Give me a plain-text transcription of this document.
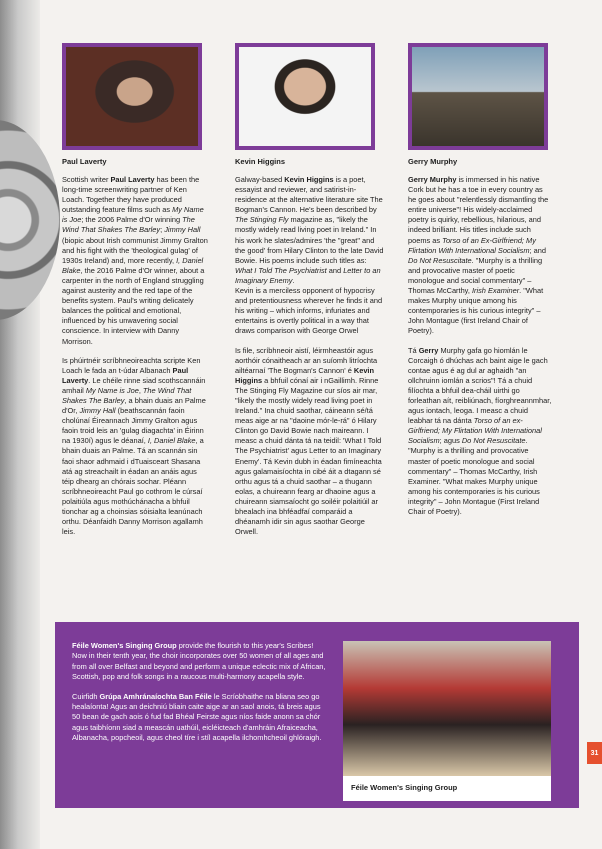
Paul Laverty	Kevin Higgins	Gerry Murphy

Scottish writer Paul Laverty has been the long-time screenwriting partner of Ken Loach. Together they have produced outstanding feature films such as My Name is Joe; the 2006 Palme d'Or winning The Wind That Shakes The Barley; Jimmy Hall (biopic about Irish communist Jimmy Gralton and his fight with the 'theological gulag' of 1930s Ireland) and, more recently, I, Daniel Blake, the 2016 Palme d'Or winner, about a carpenter in the north of England struggling against austerity and the red tape of the benefits system. Paul's writing delicately balances the political and emotional, influenced by his unwavering social conscience. In interview with Danny Morrison.

Is phúirtnéir scríbhneoireachta scripte Ken Loach le fada an t-údar Albanach Paul Laverty. Le chéile rinne siad scothscannáin amhail My Name is Joe, The Wind That Shakes The Barley, a bhain duais an Palme d'Or, Jimmy Hall (beathscannán faoin cholúnaí Éireannach Jimmy Gralton agus faoin troid leis an 'gulag diagachta' in Éirinn na 1930í) agus le déanaí, I, Daniel Blake, a bhain duais an Palme. Tá an scannán sin faoi shaor adhmaid i dTuaisceart Shasana atá ag streachailt in éadan an anáis agus téip dhearg an chórais sochar. Pléann scríbhneoireacht Paul go cothrom le cúrsaí polaitiúla agus mothúchánacha a bhfuil tionchar ag a choinsias sóisialta leanúnach orthu. Déanfaidh Danny Morrison agallamh leis.

Galway-based Kevin Higgins is a poet, essayist and reviewer, and satirist-in-residence at the alternative literature site The Bogman's Cannon. He's been described by The Stinging Fly magazine as, "likely the mostly widely read living poet in Ireland." In his work he slates/admires 'the "great" and the good' from Hilary Clinton to the late David Bowie. His poems include such titles as: What I Told The Psychiatrist and Letter to an Imaginary Enemy.
Kevin is a merciless opponent of hypocrisy and pretentiousness wherever he finds it and his writing – which informs, infuriates and entertains is overtly political in a way that draws comparison with George Orwel

Is file, scríbhneoir aistí, léirmheastóir agus aorthóir cónaitheach ar an suíomh litríochta ailtéarnaí 'The Bogman's Cannon' é Kevin Higgins a bhfuil cónaí air i nGaillimh. Rinne The Stinging Fly Magazine cur síos air mar, "likely the mostly widely read living poet in Ireland." Ina chuid saothar, cáineann sé/tá meas aige ar na "daoine mór-le-rá" ó Hilary Clinton go David Bowie nach maireann. I measc a chuid dánta tá na teidil: 'What I Told The Psychiatrist' agus Letter to an Imaginary Enemy'. Tá Kevin dubh in éadan fimíneachta agus galamaisíochta in cibé áit a dtagann sé orthu agus tá a chuid saothar – a thugann eolas, a chuireann fearg ar dhaoine agus a chuireann siamsaíocht go soiléir polaitiúil ar bhealach ina bhféadfaí comparáid a dhéanamh idir sin agus saothar George Orwell.

Gerry Murphy is immersed in his native Cork but he has a toe in every country as he goes about "relentlessly dismantling the entire universe"! His widely-acclaimed poetry is quirky, rebellious, hilarious, and indeed brilliant. His titles include such poems as Torso of an Ex-Girlfriend; My Flirtation With International Socialism; and Do Not Resuscitate. "Murphy is a thrilling and provocative master of poetic monologue and social commentary" – Thomas McCarthy, Irish Examiner. "What makes Murphy unique among his contemporaries is his curious integrity" – John Montague (first Ireland Chair of Poetry).

Tá Gerry Murphy gafa go hiomlán le Corcaigh ó dhúchas ach baint aige le gach contae agus é ag dul ar aghaidh "an ollchruinn iomlán a scrios"! Tá a chuid filíochta a bhfuil dea-cháil uirthi go forleathan aít, reibliúnach, fíorghreannmhar, agus iontach, leoga. I measc a chuid leabhar tá na dánta Torso of an ex-Girlfriend; My Flirtation With International Socialism; agus Do Not Resuscitate. "Murphy is a thrilling and provocative master of poetic monologue and social commentary" – Thomas McCarthy, Irish Examiner. "What makes Murphy unique among his contemporaries is his curious integrity" – John Montague (First Ireland Chair of Poetry).

Féile Women's Singing Group provide the flourish to this year's Scribes! Now in their tenth year, the choir incorporates over 50 women of all ages and from all over Belfast and beyond and perform a unique eclectic mix of African, Scottish, pop and folk songs in a raucous multi-harmony acapella style.

Cuirfidh Grúpa Amhránaíochta Ban Féile le Scríobhaithe na bliana seo go healaíonta! Agus an deichniú bliain caite aige ar an saol anois, tá breis agus 50 bean de gach aois ó fud fad Bhéal Feirste agus níos faide anonn sa chór agus taibhíonn siad a meascán uathúil, eicléicteach d'amhráin Afraiceacha, Albanacha, popcheoil, agus cheol tíre i stíl acapella ilchomhcheoil ghlóraigh.

Féile Women's Singing Group
31
